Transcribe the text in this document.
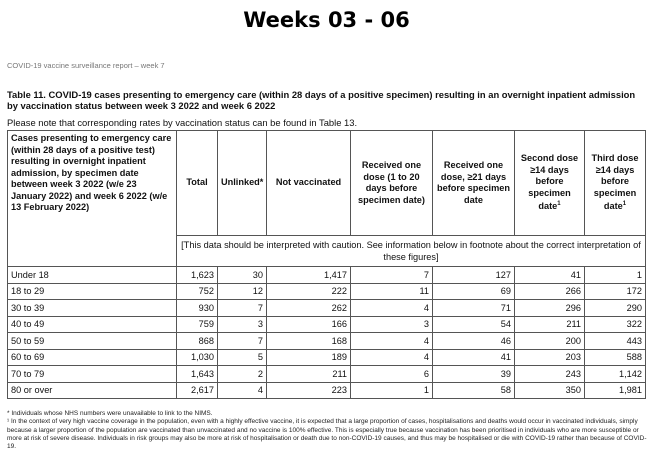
Weeks 03 - 06
COVID-19 vaccine surveillance report – week 7
Table 11. COVID-19 cases presenting to emergency care (within 28 days of a positive specimen) resulting in an overnight inpatient admission by vaccination status between week 3 2022 and week 6 2022
Please note that corresponding rates by vaccination status can be found in Table 13.
Cases presenting to emergency care (within 28 days of a positive test) resulting in overnight inpatient admission, by specimen date between week 3 2022 (w/e 23 January 2022) and week 6 2022 (w/e 13 February 2022)	Total	Unlinked*	Not vaccinated	Received one dose (1 to 20 days before specimen date)	Received one dose, ≥21 days before specimen date	Second dose ≥14 days before specimen date$^1$	Third dose ≥14 days before specimen date$^1$
	[This data should be interpreted with caution. See information below in footnote about the correct interpretation of these figures]						
Under 18	1,623	30	1,417	7	127	41	1
18 to 29	752	12	222	11	69	266	172
30 to 39	930	7	262	4	71	296	290
40 to 49	759	3	166	3	54	211	322
50 to 59	868	7	168	4	46	200	443
60 to 69	1,030	5	189	4	41	203	588
70 to 79	1,643	2	211	6	39	243	1,142
80 or over	2,617	4	223	1	58	350	1,981

* Individuals whose NHS numbers were unavailable to link to the NIMS.

¹ In the context of very high vaccine coverage in the population, even with a highly effective vaccine, it is expected that a large proportion of cases, hospitalisations and deaths would occur in vaccinated individuals, simply because a larger proportion of the population are vaccinated than unvaccinated and no vaccine is 100% effective. This is especially true because vaccination has been prioritised in individuals who are more susceptible or more at risk of severe disease. Individuals in risk groups may also be more at risk of hospitalisation or death due to non-COVID-19 causes, and thus may be hospitalised or die with COVID-19 rather than because of COVID-19.
